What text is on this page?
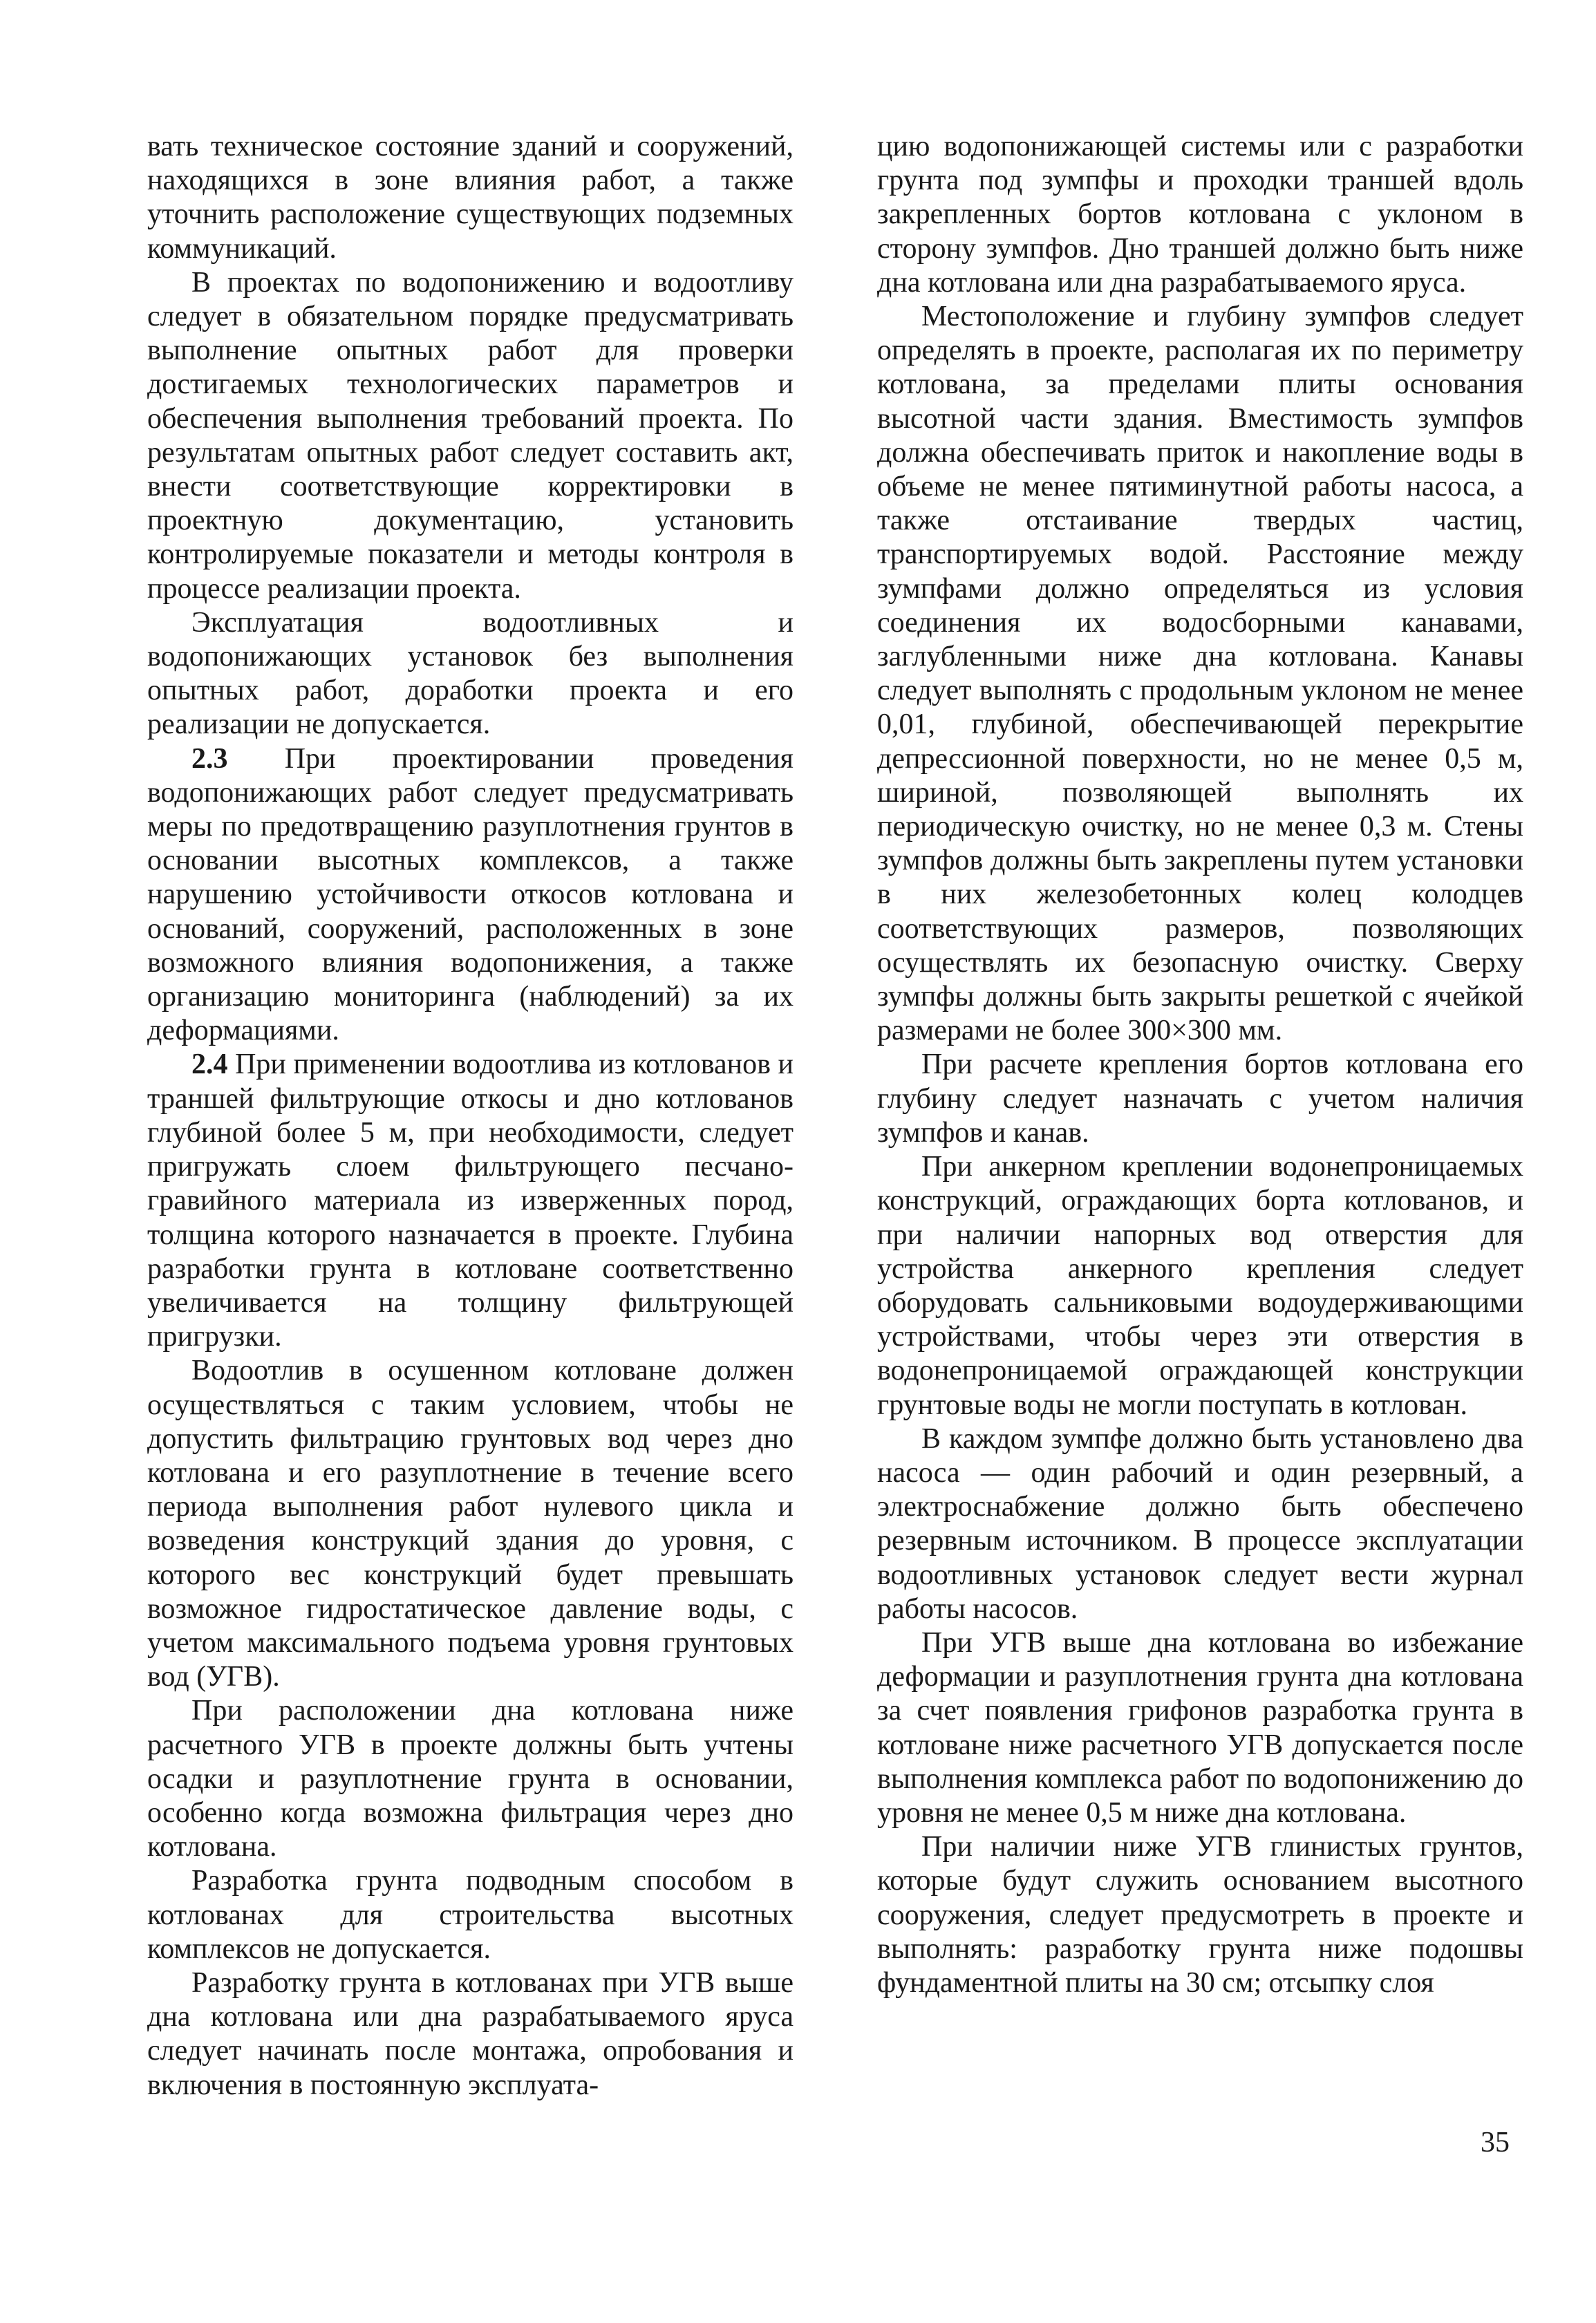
вать техническое состояние зданий и сооружений, находящихся в зоне влияния работ, а также уточнить расположение существующих подземных коммуникаций.

В проектах по водопонижению и водоотливу следует в обязательном порядке предусматривать выполнение опытных работ для проверки достигаемых технологических параметров и обеспечения выполнения требований проекта. По результатам опытных работ следует составить акт, внести соответствующие корректировки в проектную документацию, установить контролируемые показатели и методы контроля в процессе реализации проекта.

Эксплуатация водоотливных и водопонижающих установок без выполнения опытных работ, доработки проекта и его реализации не допускается.

2.3 При проектировании проведения водопонижающих работ следует предусматривать меры по предотвращению разуплотнения грунтов в основании высотных комплексов, а также нарушению устойчивости откосов котлована и оснований, сооружений, расположенных в зоне возможного влияния водопонижения, а также организацию мониторинга (наблюдений) за их деформациями.

2.4 При применении водоотлива из котлованов и траншей фильтрующие откосы и дно котлованов глубиной более 5 м, при необходимости, следует пригружать слоем фильтрующего песчано-гравийного материала из изверженных пород, толщина которого назначается в проекте. Глубина разработки грунта в котловане соответственно увеличивается на толщину фильтрующей пригрузки.

Водоотлив в осушенном котловане должен осуществляться с таким условием, чтобы не допустить фильтрацию грунтовых вод через дно котлована и его разуплотнение в течение всего периода выполнения работ нулевого цикла и возведения конструкций здания до уровня, с которого вес конструкций будет превышать возможное гидростатическое давление воды, с учетом максимального подъема уровня грунтовых вод (УГВ).

При расположении дна котлована ниже расчетного УГВ в проекте должны быть учтены осадки и разуплотнение грунта в основании, особенно когда возможна фильтрация через дно котлована.

Разработка грунта подводным способом в котлованах для строительства высотных комплексов не допускается.

Разработку грунта в котлованах при УГВ выше дна котлована или дна разрабатываемого яруса следует начинать после монтажа, опробования и включения в постоянную эксплуата-

цию водопонижающей системы или с разработки грунта под зумпфы и проходки траншей вдоль закрепленных бортов котлована с уклоном в сторону зумпфов. Дно траншей должно быть ниже дна котлована или дна разрабатываемого яруса.

Местоположение и глубину зумпфов следует определять в проекте, располагая их по периметру котлована, за пределами плиты основания высотной части здания. Вместимость зумпфов должна обеспечивать приток и накопление воды в объеме не менее пятиминутной работы насоса, а также отстаивание твердых частиц, транспортируемых водой. Расстояние между зумпфами должно определяться из условия соединения их водосборными канавами, заглубленными ниже дна котлована. Канавы следует выполнять с продольным уклоном не менее 0,01, глубиной, обеспечивающей перекрытие депрессионной поверхности, но не менее 0,5 м, шириной, позволяющей выполнять их периодическую очистку, но не менее 0,3 м. Стены зумпфов должны быть закреплены путем установки в них железобетонных колец колодцев соответствующих размеров, позволяющих осуществлять их безопасную очистку. Сверху зумпфы должны быть закрыты решеткой с ячейкой размерами не более 300×300 мм.

При расчете крепления бортов котлована его глубину следует назначать с учетом наличия зумпфов и канав.

При анкерном креплении водонепроницаемых конструкций, ограждающих борта котлованов, и при наличии напорных вод отверстия для устройства анкерного крепления следует оборудовать сальниковыми водоудерживающими устройствами, чтобы через эти отверстия в водонепроницаемой ограждающей конструкции грунтовые воды не могли поступать в котлован.

В каждом зумпфе должно быть установлено два насоса — один рабочий и один резервный, а электроснабжение должно быть обеспечено резервным источником. В процессе эксплуатации водоотливных установок следует вести журнал работы насосов.

При УГВ выше дна котлована во избежание деформации и разуплотнения грунта дна котлована за счет появления грифонов разработка грунта в котловане ниже расчетного УГВ допускается после выполнения комплекса работ по водопонижению до уровня не менее 0,5 м ниже дна котлована.

При наличии ниже УГВ глинистых грунтов, которые будут служить основанием высотного сооружения, следует предусмотреть в проекте и выполнять: разработку грунта ниже подошвы фундаментной плиты на 30 см; отсыпку слоя

35
